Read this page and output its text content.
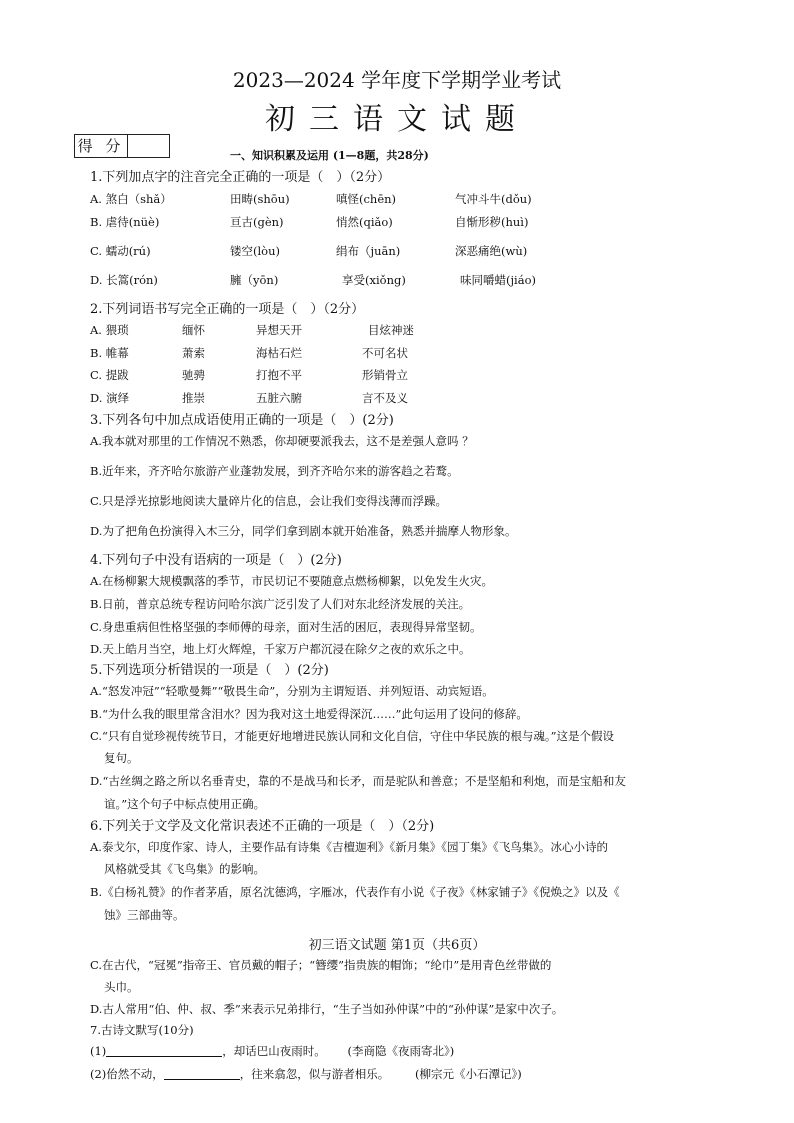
2023—2024 学年度下学期学业考试
初三语文试题
得 分
一、知识积累及运用 (1—8题，共28分)
1.下列加点字的注音完全正确的一项是（　）（2分）
A. 煞白（shǎ）	田畴(shōu)	嗔怪(chēn)	气冲斗牛(dǒu)
B. 虐待(nüè)	亘古(gèn)	悄然(qiǎo)	自惭形秽(huì)
C. 蠕动(rú)	镂空(lòu)	绢布（juān)	深恶痛绝(wù)
D. 长篙(rón)	臃（yōn)	享受(xiǒng)	味同嚼蜡(jiáo)
2.下列词语书写完全正确的一项是（　）（2分）
A. 猥琐	缅怀	异想天开	目炫神迷
B. 帷幕	萧索	海枯石烂	不可名状
C. 提跋	驰骋	打抱不平	形销骨立
D. 演绎	推崇	五脏六腑	言不及义
3.下列各句中加点成语使用正确的一项是（　）(2分)
A.我本就对那里的工作情况不熟悉，你却硬要派我去，这不是差强人意吗 ？
B.近年来，齐齐哈尔旅游产业蓬勃发展，到齐齐哈尔来的游客趋之若鹜。
C.只是浮光掠影地阅读大量碎片化的信息，会让我们变得浅薄而浮躁。
D.为了把角色扮演得入木三分，同学们拿到剧本就开始准备，熟悉并揣摩人物形象。
4.下列句子中没有语病的一项是（　）(2分)
A.在杨柳絮大规模飘落的季节，市民切记不要随意点燃杨柳絮，以免发生火灾。
B.日前，普京总统专程访问哈尔滨广泛引发了人们对东北经济发展的关注。
C.身患重病但性格坚强的李师傅的母亲，面对生活的困厄，表现得异常坚韧。
D.天上皓月当空，地上灯火辉煌，千家万户都沉浸在除夕之夜的欢乐之中。
5.下列选项分析错误的一项是（　）(2分)
A.“怒发冲冠”“轻歌曼舞”“敬畏生命”，分别为主谓短语、并列短语、动宾短语。
B.“为什么我的眼里常含泪水？因为我对这土地爱得深沉……”此句运用了设问的修辞。
C.“只有自觉珍视传统节日，才能更好地增进民族认同和文化自信，守住中华民族的根与魂。”这是个假设
复句。
D.“古丝绸之路之所以名垂青史，靠的不是战马和长矛，而是驼队和善意；不是坚船和利炮，而是宝船和友
谊。”这个句子中标点使用正确。
6.下列关于文学及文化常识表述不正确的一项是（　）（2分)
A.泰戈尔，印度作家、诗人，主要作品有诗集《吉檀迦利》《新月集》《园丁集》《飞鸟集》。冰心小诗的
风格就受其《飞鸟集》的影响。
B.《白杨礼赞》的作者茅盾，原名沈德鸿，字雁冰，代表作有小说《子夜》《林家铺子》《倪焕之》以及《
蚀》三部曲等。
初三语文试题 第1页（共6页）
C.在古代，“冠冕”指帝王、官员戴的帽子；“簪缨”指贵族的帽饰；“纶巾”是用青色丝带做的
头巾。
D.古人常用“伯、仲、叔、季”来表示兄弟排行，“生子当如孙仲谋”中的“孙仲谋”是家中次子。
7.古诗文默写(10分)
(1)	，却话巴山夜雨时。 (李商隐《夜雨寄北》)
(2)佁然不动，	，往来翕忽，似与游者相乐。 (柳宗元《小石潭记》)
